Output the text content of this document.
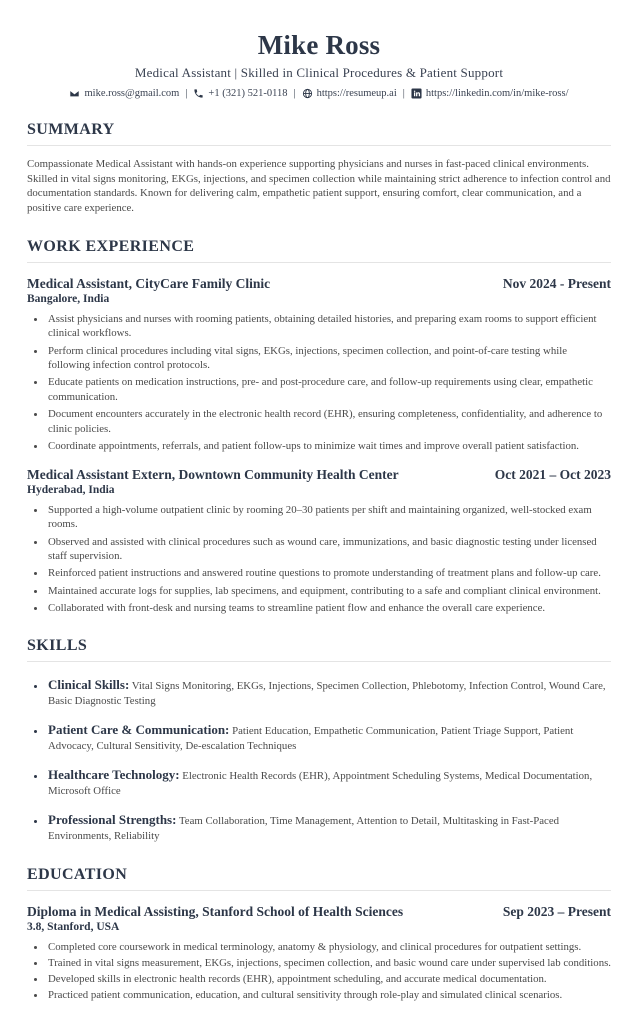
Mike Ross
Medical Assistant | Skilled in Clinical Procedures & Patient Support
mike.ross@gmail.com | +1 (321) 521-0118 | https://resumeup.ai | https://linkedin.com/in/mike-ross/
SUMMARY

Compassionate Medical Assistant with hands-on experience supporting physicians and nurses in fast-paced clinical environments. Skilled in vital signs monitoring, EKGs, injections, and specimen collection while maintaining strict adherence to infection control and documentation standards. Known for delivering calm, empathetic patient support, ensuring comfort, clear communication, and a positive care experience.

WORK EXPERIENCE
Medical Assistant, CityCare Family Clinic	Nov 2024 - Present
Bangalore, India
• Assist physicians and nurses with rooming patients, obtaining detailed histories, and preparing exam rooms to support efficient clinical workflows.
• Perform clinical procedures including vital signs, EKGs, injections, specimen collection, and point-of-care testing while following infection control protocols.
• Educate patients on medication instructions, pre- and post-procedure care, and follow-up requirements using clear, empathetic communication.
• Document encounters accurately in the electronic health record (EHR), ensuring completeness, confidentiality, and adherence to clinic policies.
• Coordinate appointments, referrals, and patient follow-ups to minimize wait times and improve overall patient satisfaction.
Medical Assistant Extern, Downtown Community Health Center	Oct 2021 – Oct 2023
Hyderabad, India
• Supported a high-volume outpatient clinic by rooming 20–30 patients per shift and maintaining organized, well-stocked exam rooms.
• Observed and assisted with clinical procedures such as wound care, immunizations, and basic diagnostic testing under licensed staff supervision.
• Reinforced patient instructions and answered routine questions to promote understanding of treatment plans and follow-up care.
• Maintained accurate logs for supplies, lab specimens, and equipment, contributing to a safe and compliant clinical environment.
• Collaborated with front-desk and nursing teams to streamline patient flow and enhance the overall care experience.
SKILLS
• Clinical Skills: Vital Signs Monitoring, EKGs, Injections, Specimen Collection, Phlebotomy, Infection Control, Wound Care, Basic Diagnostic Testing
• Patient Care & Communication: Patient Education, Empathetic Communication, Patient Triage Support, Patient Advocacy, Cultural Sensitivity, De-escalation Techniques
• Healthcare Technology: Electronic Health Records (EHR), Appointment Scheduling Systems, Medical Documentation, Microsoft Office
• Professional Strengths: Team Collaboration, Time Management, Attention to Detail, Multitasking in Fast-Paced Environments, Reliability
EDUCATION
Diploma in Medical Assisting, Stanford School of Health Sciences	Sep 2023 – Present
3.8, Stanford, USA
• Completed core coursework in medical terminology, anatomy & physiology, and clinical procedures for outpatient settings.
• Trained in vital signs measurement, EKGs, injections, specimen collection, and basic wound care under supervised lab conditions.
• Developed skills in electronic health records (EHR), appointment scheduling, and accurate medical documentation.
• Practiced patient communication, education, and cultural sensitivity through role-play and simulated clinical scenarios.
